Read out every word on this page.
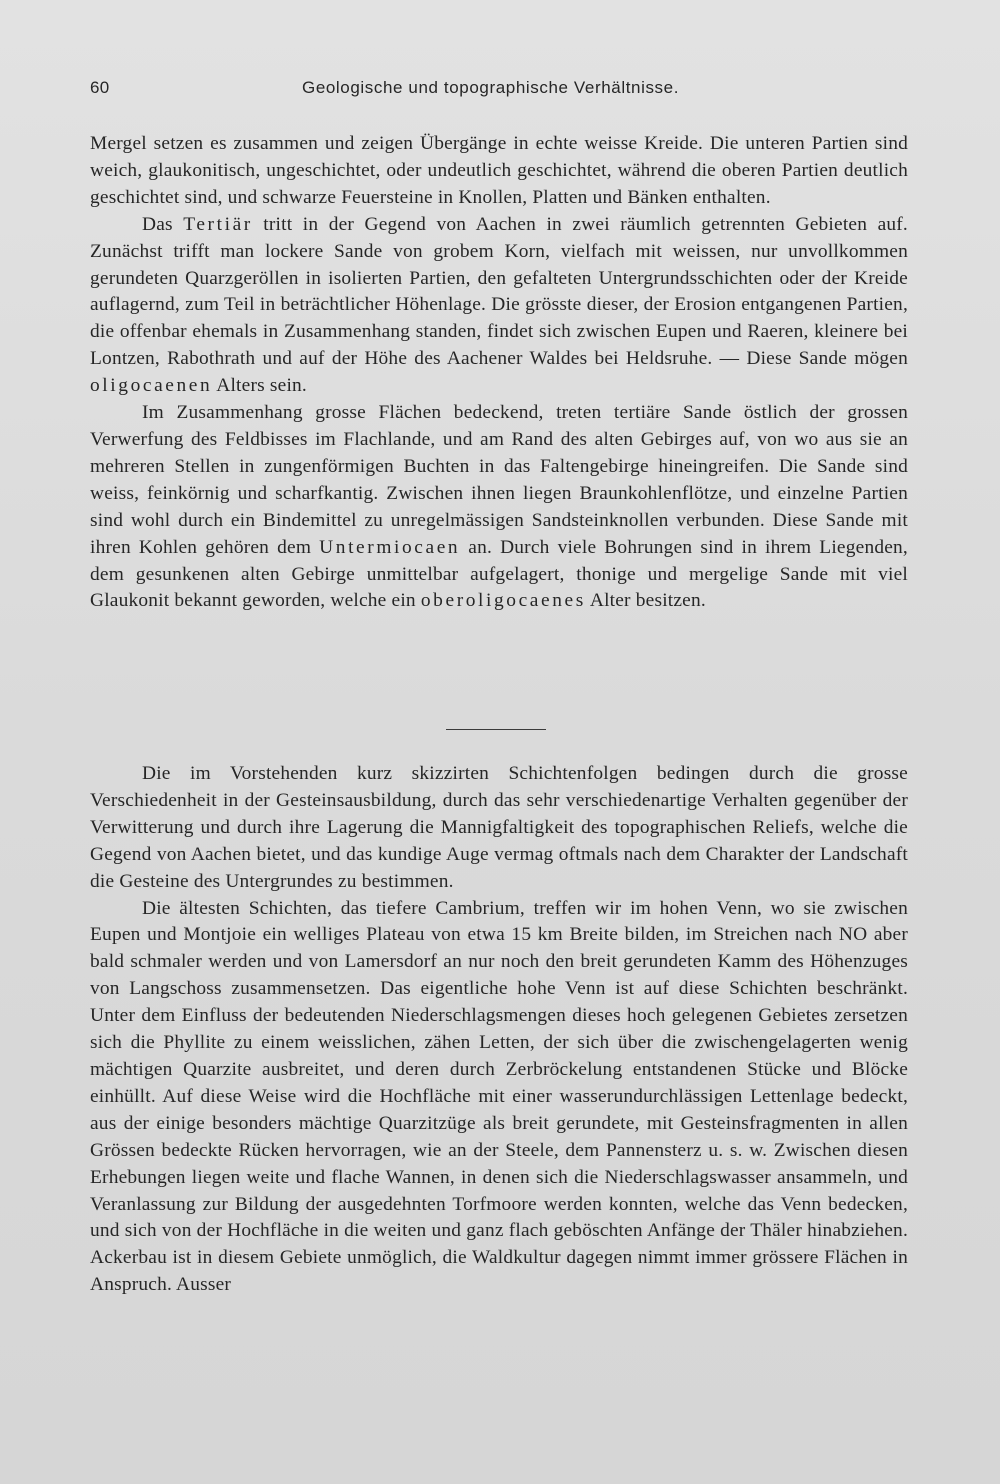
60	Geologische und topographische Verhältnisse.

Mergel setzen es zusammen und zeigen Übergänge in echte weisse Kreide. Die unteren Partien sind weich, glaukonitisch, ungeschichtet, oder undeutlich geschichtet, während die oberen Partien deutlich geschichtet sind, und schwarze Feuersteine in Knollen, Platten und Bänken enthalten.

Das Tertiär tritt in der Gegend von Aachen in zwei räumlich getrennten Gebieten auf. Zunächst trifft man lockere Sande von grobem Korn, vielfach mit weissen, nur unvollkommen gerundeten Quarzgeröllen in isolierten Partien, den gefalteten Untergrundsschichten oder der Kreide auflagernd, zum Teil in beträchtlicher Höhenlage. Die grösste dieser, der Erosion entgangenen Partien, die offenbar ehemals in Zusammenhang standen, findet sich zwischen Eupen und Raeren, kleinere bei Lontzen, Rabothrath und auf der Höhe des Aachener Waldes bei Heldsruhe. — Diese Sande mögen oligocaenen Alters sein.

Im Zusammenhang grosse Flächen bedeckend, treten tertiäre Sande östlich der grossen Verwerfung des Feldbisses im Flachlande, und am Rand des alten Gebirges auf, von wo aus sie an mehreren Stellen in zungenförmigen Buchten in das Faltengebirge hineingreifen. Die Sande sind weiss, feinkörnig und scharfkantig. Zwischen ihnen liegen Braunkohlenflötze, und einzelne Partien sind wohl durch ein Bindemittel zu unregelmässigen Sandsteinknollen verbunden. Diese Sande mit ihren Kohlen gehören dem Untermiocaen an. Durch viele Bohrungen sind in ihrem Liegenden, dem gesunkenen alten Gebirge unmittelbar aufgelagert, thonige und mergelige Sande mit viel Glaukonit bekannt geworden, welche ein oberoligocaenes Alter besitzen.

Die im Vorstehenden kurz skizzirten Schichtenfolgen bedingen durch die grosse Verschiedenheit in der Gesteinsausbildung, durch das sehr verschiedenartige Verhalten gegenüber der Verwitterung und durch ihre Lagerung die Mannigfaltigkeit des topographischen Reliefs, welche die Gegend von Aachen bietet, und das kundige Auge vermag oftmals nach dem Charakter der Landschaft die Gesteine des Untergrundes zu bestimmen.

Die ältesten Schichten, das tiefere Cambrium, treffen wir im hohen Venn, wo sie zwischen Eupen und Montjoie ein welliges Plateau von etwa 15 km Breite bilden, im Streichen nach NO aber bald schmaler werden und von Lamersdorf an nur noch den breit gerundeten Kamm des Höhenzuges von Langschoss zusammensetzen. Das eigentliche hohe Venn ist auf diese Schichten beschränkt. Unter dem Einfluss der bedeutenden Niederschlagsmengen dieses hoch gelegenen Gebietes zersetzen sich die Phyllite zu einem weisslichen, zähen Letten, der sich über die zwischengelagerten wenig mächtigen Quarzite ausbreitet, und deren durch Zerbröckelung entstandenen Stücke und Blöcke einhüllt. Auf diese Weise wird die Hochfläche mit einer wasserundurchlässigen Lettenlage bedeckt, aus der einige besonders mächtige Quarzitzüge als breit gerundete, mit Gesteinsfragmenten in allen Grössen bedeckte Rücken hervorragen, wie an der Steele, dem Pannensterz u. s. w. Zwischen diesen Erhebungen liegen weite und flache Wannen, in denen sich die Niederschlagswasser ansammeln, und Veranlassung zur Bildung der ausgedehnten Torfmoore werden konnten, welche das Venn bedecken, und sich von der Hochfläche in die weiten und ganz flach geböschten Anfänge der Thäler hinabziehen. Ackerbau ist in diesem Gebiete unmöglich, die Waldkultur dagegen nimmt immer grössere Flächen in Anspruch. Ausser
